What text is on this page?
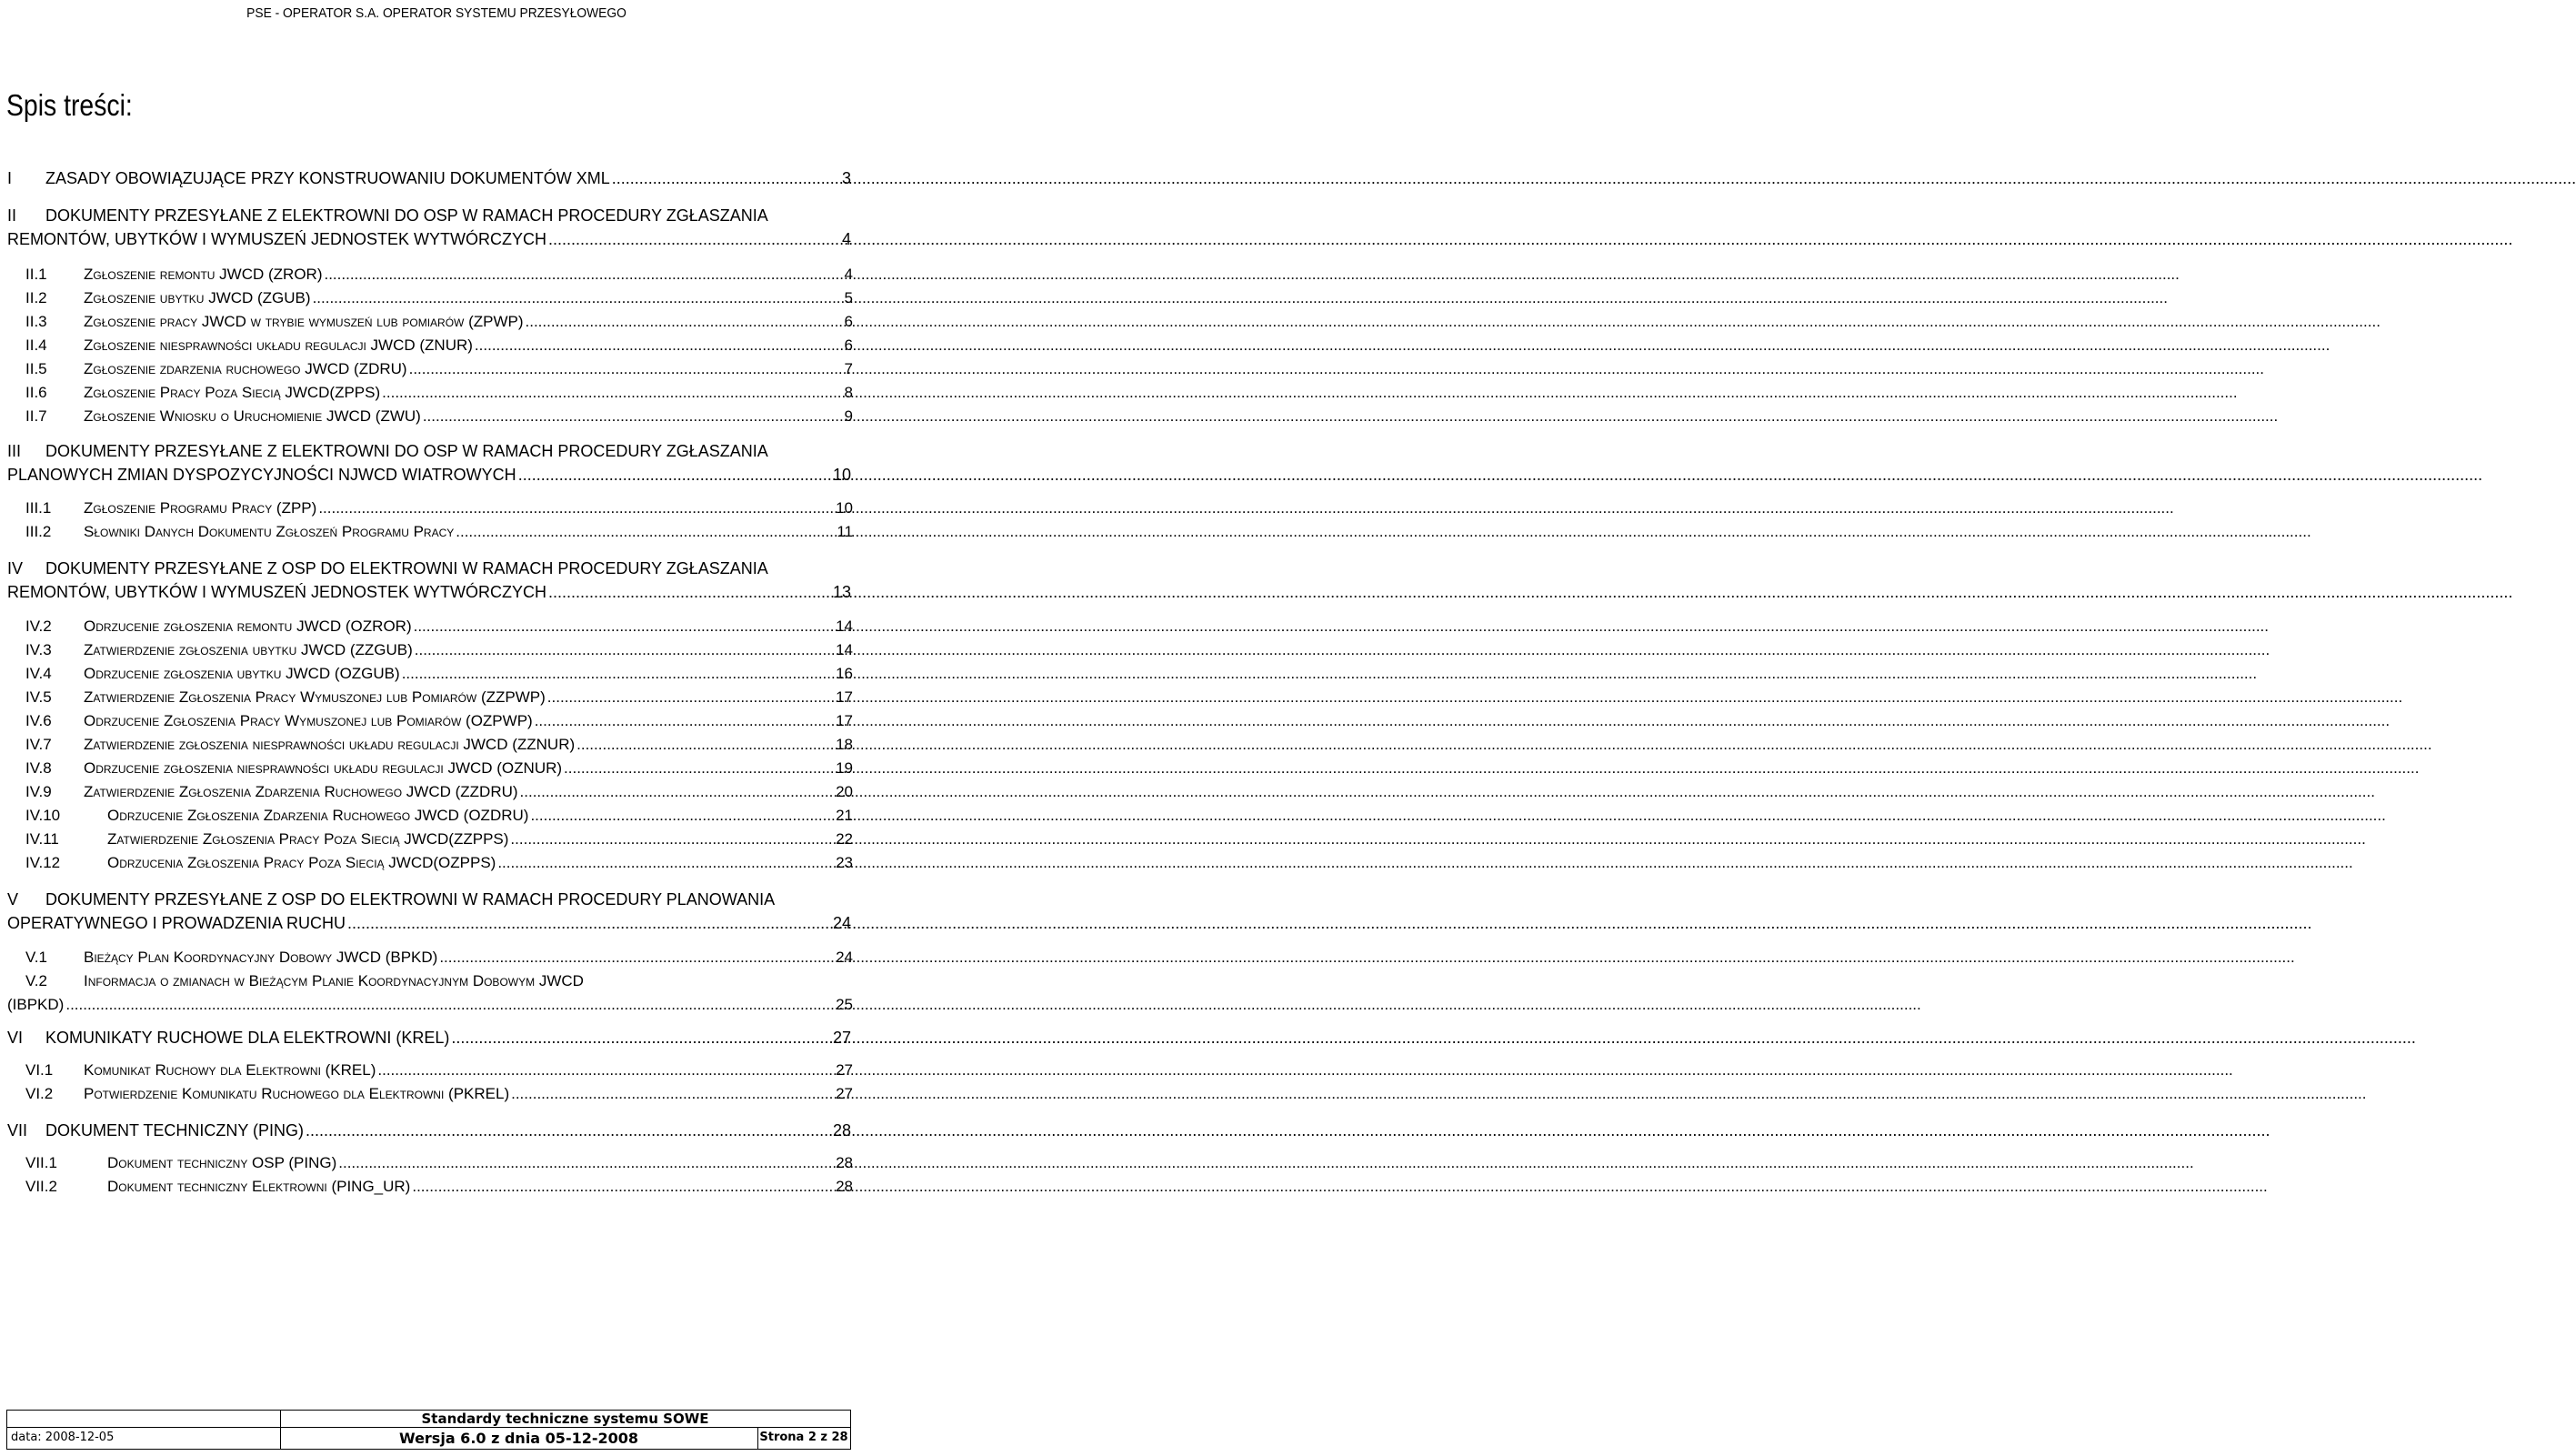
PSE - OPERATOR S.A. OPERATOR SYSTEMU PRZESYŁOWEGO
Spis treści:
I	ZASADY OBOWIĄZUJĄCE PRZY KONSTRUOWANIU DOKUMENTÓW XML .....	3
II	DOKUMENTY PRZESYŁANE Z ELEKTROWNI DO OSP W RAMACH PROCEDURY ZGŁASZANIA
REMONTÓW, UBYTKÓW I WYMUSZEŃ JEDNOSTEK WYTWÓRCZYCH .....	4
II.1	Zgłoszenie remontu JWCD (ZROR) .....	4
II.2	Zgłoszenie ubytku JWCD (ZGUB) .....	5
II.3	Zgłoszenie pracy JWCD w trybie wymuszeń lub pomiarów (ZPWP) .....	6
II.4	Zgłoszenie niesprawności układu regulacji JWCD (ZNUR) .....	6
II.5	Zgłoszenie zdarzenia ruchowego JWCD (ZDRU) .....	7
II.6	Zgłoszenie Pracy Poza Siecią JWCD(ZPPS) .....	8
II.7	Zgłoszenie Wniosku o Uruchomienie JWCD (ZWU) .....	9
III	DOKUMENTY PRZESYŁANE Z ELEKTROWNI DO OSP W RAMACH PROCEDURY ZGŁASZANIA
PLANOWYCH ZMIAN DYSPOZYCYJNOŚCI NJWCD WIATROWYCH .....	10
III.1	Zgłoszenie Programu Pracy (ZPP) .....	10
III.2	Słowniki Danych Dokumentu Zgłoszeń Programu Pracy .....	11
IV	DOKUMENTY PRZESYŁANE Z OSP DO ELEKTROWNI W RAMACH PROCEDURY ZGŁASZANIA
REMONTÓW, UBYTKÓW I WYMUSZEŃ JEDNOSTEK WYTWÓRCZYCH .....	13
IV.2	Odrzucenie zgłoszenia remontu JWCD (OZROR) .....	14
IV.3	Zatwierdzenie zgłoszenia ubytku JWCD (ZZGUB) .....	14
IV.4	Odrzucenie zgłoszenia ubytku JWCD (OZGUB) .....	16
IV.5	Zatwierdzenie Zgłoszenia Pracy Wymuszonej lub Pomiarów (ZZPWP) .....	17
IV.6	Odrzucenie Zgłoszenia Pracy Wymuszonej lub Pomiarów (OZPWP) .....	17
IV.7	Zatwierdzenie zgłoszenia niesprawności układu regulacji JWCD (ZZNUR) .....	18
IV.8	Odrzucenie zgłoszenia niesprawności układu regulacji JWCD (OZNUR) .....	19
IV.9	Zatwierdzenie Zgłoszenia Zdarzenia Ruchowego JWCD (ZZDRU) .....	20
IV.10	Odrzucenie Zgłoszenia Zdarzenia Ruchowego JWCD (OZDRU) .....	21
IV.11	Zatwierdzenie Zgłoszenia Pracy Poza Siecią JWCD(ZZPPS) .....	22
IV.12	Odrzucenia Zgłoszenia Pracy Poza Siecią JWCD(OZPPS) .....	23
V	DOKUMENTY PRZESYŁANE Z OSP DO ELEKTROWNI W RAMACH PROCEDURY PLANOWANIA
OPERATYWNEGO I PROWADZENIA RUCHU .....	24
V.1	Bieżący Plan Koordynacyjny Dobowy JWCD (BPKD) .....	24
V.2	Informacja o zmianach w Bieżącym Planie Koordynacyjnym Dobowym JWCD
(IBPKD) .....	25
VI	KOMUNIKATY RUCHOWE DLA ELEKTROWNI (KREL) .....	27
VI.1	Komunikat Ruchowy dla Elektrowni (KREL) .....	27
VI.2	Potwierdzenie Komunikatu Ruchowego dla Elektrowni (PKREL) .....	27
VII	DOKUMENT TECHNICZNY (PING) .....	28
VII.1	Dokument techniczny OSP (PING) .....	28
VII.2	Dokument techniczny Elektrowni (PING_UR) .....	28
Standardy techniczne systemu SOWE
data: 2008-12-05	Wersja 6.0 z dnia 05-12-2008	Strona 2 z 28
